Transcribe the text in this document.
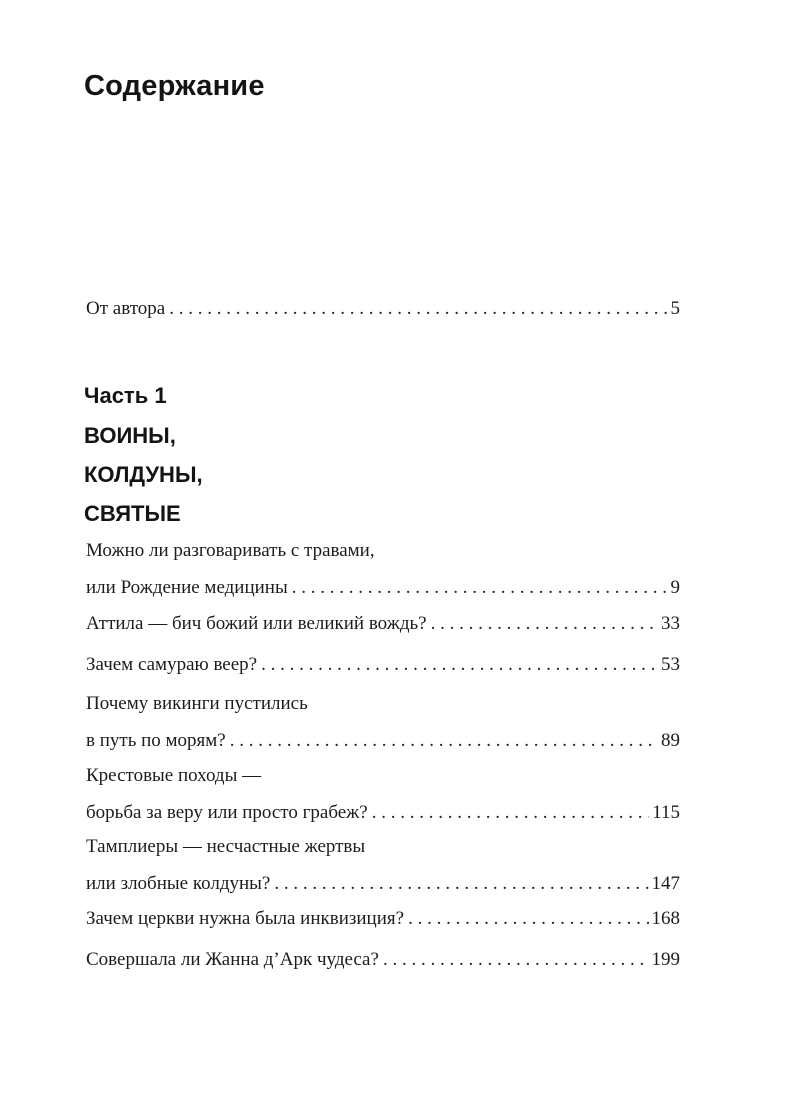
Содержание
От автора . . .	5
Часть 1
ВОИНЫ,
КОЛДУНЫ,
СВЯТЫЕ
Можно ли разговаривать с травами,
или Рождение медицины . . .	9
Аттила — бич божий или великий вождь? . . .	33
Зачем самураю веер? . . .	53
Почему викинги пустились
в путь по морям? . . .	89
Крестовые походы —
борьба за веру или просто грабеж? . . .	115
Тамплиеры — несчастные жертвы
или злобные колдуны? . . .	147
Зачем церкви нужна была инквизиция? . . .	168
Совершала ли Жанна д’Арк чудеса? . . .	199
